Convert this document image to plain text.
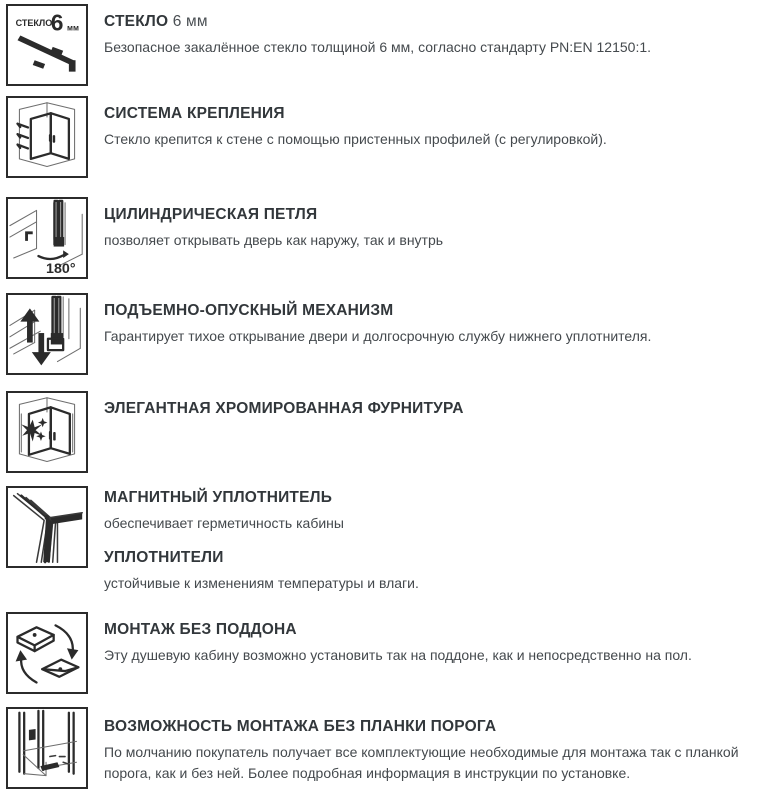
СТЕКЛО
6 мм СТЕКЛО 6 мм

Безопасное закалённое стекло толщиной 6 мм, согласно стандарту PN:EN 12150:1.

СИСТЕМА КРЕПЛЕНИЯ

Стекло крепится к стене с помощью пристенных профилей (с регулировкой).

180°

ЦИЛИНДРИЧЕСКАЯ ПЕТЛЯ

позволяет открывать дверь как наружу, так и внутрь

ПОДЪЕМНО-ОПУСКНЫЙ МЕХАНИЗМ

Гарантирует тихое открывание двери и долгосрочную службу нижнего уплотнителя.

ЭЛЕГАНТНАЯ ХРОМИРОВАННАЯ ФУРНИТУРА

МАГНИТНЫЙ УПЛОТНИТЕЛЬ

обеспечивает герметичность кабины

УПЛОТНИТЕЛИ

устойчивые к изменениям температуры и влаги.

МОНТАЖ БЕЗ ПОДДОНА

Эту душевую кабину возможно установить так на поддоне, как и непосредственно на пол.

ВОЗМОЖНОСТЬ МОНТАЖА БЕЗ ПЛАНКИ ПОРОГА

По молчанию покупатель получает все комплектующие необходимые для монтажа так с планкой порога, как и без ней. Более подробная информация в инструкции по установке.
